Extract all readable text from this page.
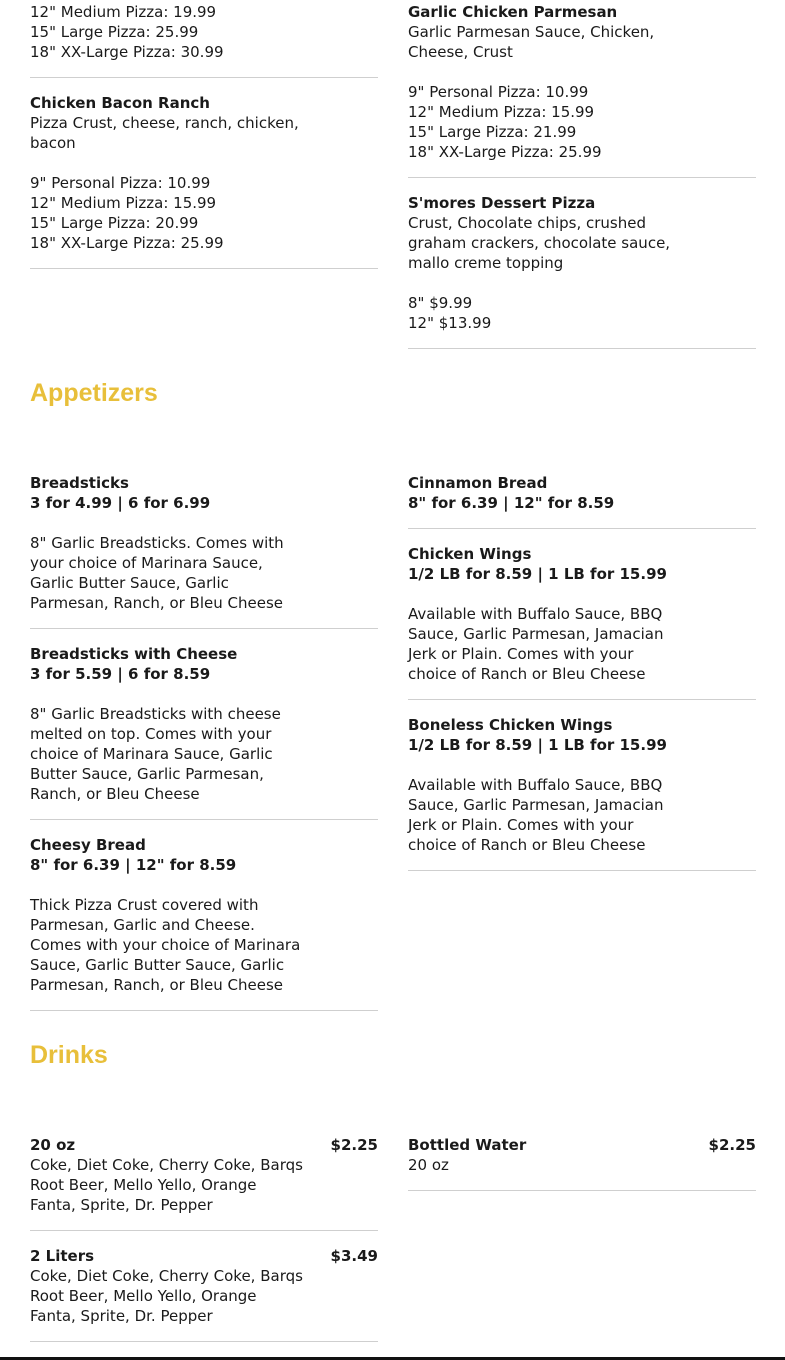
12" Medium Pizza: 19.99
15" Large Pizza: 25.99
18" XX-Large Pizza: 30.99
Chicken Bacon Ranch
Pizza Crust, cheese, ranch, chicken, bacon
9" Personal Pizza: 10.99
12" Medium Pizza: 15.99
15" Large Pizza: 20.99
18" XX-Large Pizza: 25.99
Garlic Chicken Parmesan
Garlic Parmesan Sauce, Chicken, Cheese, Crust
9" Personal Pizza: 10.99
12" Medium Pizza: 15.99
15" Large Pizza: 21.99
18" XX-Large Pizza: 25.99
S'mores Dessert Pizza
Crust, Chocolate chips, crushed graham crackers, chocolate sauce, mallo creme topping
8" $9.99
12" $13.99
Appetizers
Breadsticks
3 for 4.99 | 6 for 6.99
8" Garlic Breadsticks. Comes with your choice of Marinara Sauce, Garlic Butter Sauce, Garlic Parmesan, Ranch, or Bleu Cheese
Breadsticks with Cheese
3 for 5.59 | 6 for 8.59
8" Garlic Breadsticks with cheese melted on top. Comes with your choice of Marinara Sauce, Garlic Butter Sauce, Garlic Parmesan, Ranch, or Bleu Cheese
Cheesy Bread
8" for 6.39 | 12" for 8.59
Thick Pizza Crust covered with Parmesan, Garlic and Cheese. Comes with your choice of Marinara Sauce, Garlic Butter Sauce, Garlic Parmesan, Ranch, or Bleu Cheese
Cinnamon Bread
8" for 6.39 | 12" for 8.59
Chicken Wings
1/2 LB for 8.59 | 1 LB for 15.99
Available with Buffalo Sauce, BBQ Sauce, Garlic Parmesan, Jamacian Jerk or Plain. Comes with your choice of Ranch or Bleu Cheese
Boneless Chicken Wings
1/2 LB for 8.59 | 1 LB for 15.99
Available with Buffalo Sauce, BBQ Sauce, Garlic Parmesan, Jamacian Jerk or Plain. Comes with your choice of Ranch or Bleu Cheese
Drinks
20 oz	$2.25
Coke, Diet Coke, Cherry Coke, Barqs Root Beer, Mello Yello, Orange Fanta, Sprite, Dr. Pepper
2 Liters	$3.49
Coke, Diet Coke, Cherry Coke, Barqs Root Beer, Mello Yello, Orange Fanta, Sprite, Dr. Pepper
Bottled Water	$2.25
20 oz
